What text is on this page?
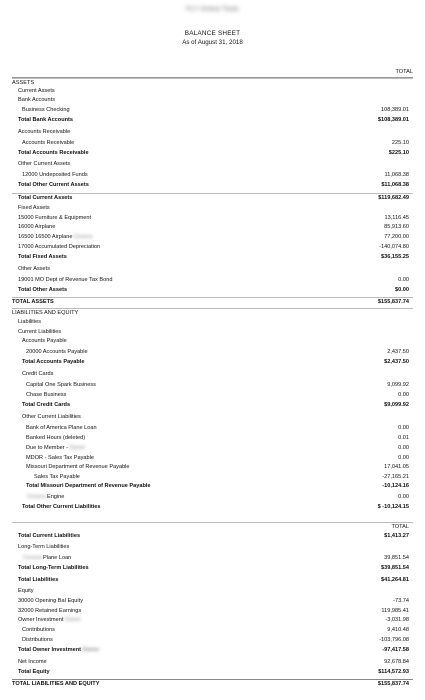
FLY Online Tools
BALANCE SHEET
As of August 31, 2018
TOTAL
ASSETS
Current Assets
Bank Accounts
Business Checking	108,389.01
Total Bank Accounts	$108,389.01
Accounts Receivable
Accounts Receivable	225.10
Total Accounts Receivable	$225.10
Other Current Assets
12000 Undeposited Funds	11,068.38
Total Other Current Assets	$11,068.38
Total Current Assets	$119,682.49
Fixed Assets
15000 Furniture & Equipment	13,116.45
16000 Airplane	85,913.60
16500 16500 AirplaneCessna	77,200.00
17000 Accumulated Depreciation	-140,074.80
Total Fixed Assets	$36,155.25
Other Assets
19001 MO Dept of Revenue Tax Bond	0.00
Total Other Assets	$0.00
TOTAL ASSETS	$155,837.74
LIABILITIES AND EQUITY
Liabilities
Current Liabilities
Accounts Payable
20000 Accounts Payable	2,437.50
Total Accounts Payable	$2,437.50
Credit Cards
Capital One Spark Business	9,099.92
Chase Business	0.00
Total Credit Cards	$9,099.92
Other Current Liabilities
Bank of America Plane Loan	0.00
Banked Hours (deleted)	0.01
Due to Member -Owner	0.00
MDOR - Sales Tax Payable	0.00
Missouri Department of Revenue Payable	17,041.05
Sales Tax Payable	-27,165.21
Total Missouri Department of Revenue Payable	-10,124.16
CessnaEngine	0.00
Total Other Current Liabilities	$ -10,124.15
TOTAL
Total Current Liabilities	$1,413.27
Long-Term Liabilities
CessnaPlane Loan	39,851.54
Total Long-Term Liabilities	$39,851.54
Total Liabilities	$41,264.81
Equity
30000 Opening Bal Equity	-73.74
32000 Retained Earnings	119,985.41
Owner InvestmentOwner	-3,031.98
Contributions	9,410.48
Distributions	-103,796.08
Total Owner InvestmentOwner	-97,417.58
Net Income	92,678.84
Total Equity	$114,572.93
TOTAL LIABILITIES AND EQUITY	$155,837.74
